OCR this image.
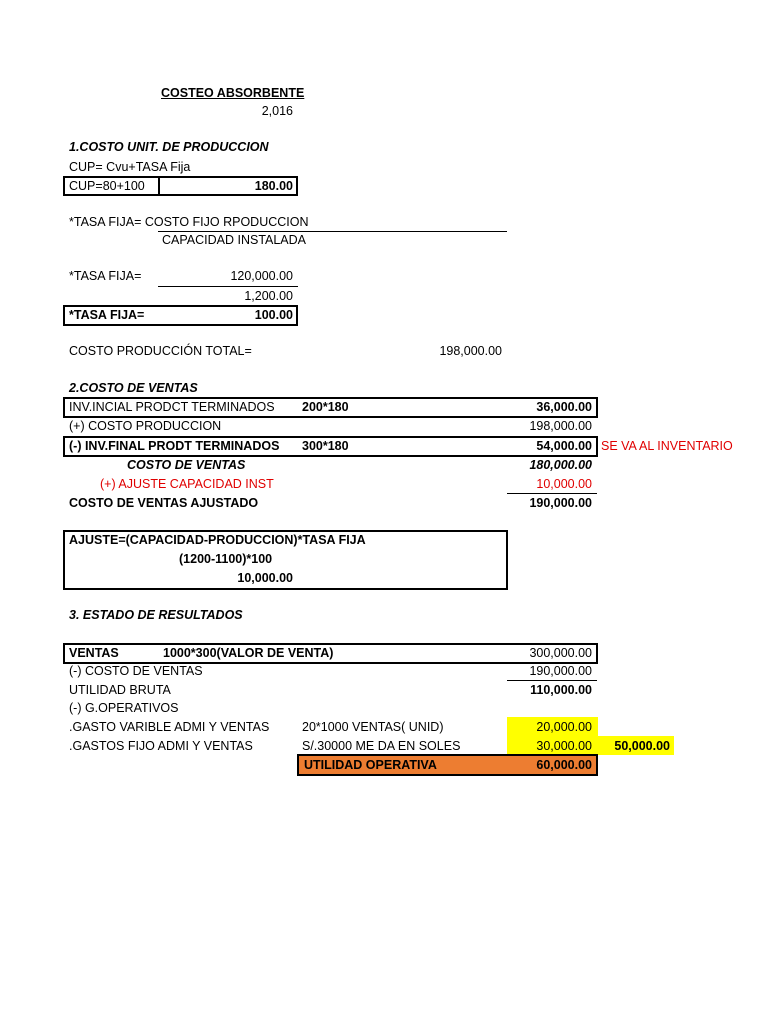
COSTEO ABSORBENTE
2,016
1.COSTO UNIT. DE PRODUCCION
CUP= Cvu+TASA Fija
CUP=80+100	180.00
*TASA FIJA= COSTO FIJO RPODUCCION
CAPACIDAD INSTALADA
*TASA FIJA=	120,000.00
1,200.00
*TASA FIJA=	100.00
COSTO PRODUCCIÓN TOTAL=	198,000.00
2.COSTO DE VENTAS
INV.INCIAL PRODCT TERMINADOS 200*180	36,000.00
(+) COSTO PRODUCCION	198,000.00
(-) INV.FINAL PRODT TERMINADOS 300*180	54,000.00 SE VA AL INVENTARIO
COSTO DE VENTAS	180,000.00
(+) AJUSTE CAPACIDAD INST	10,000.00
COSTO DE VENTAS AJUSTADO	190,000.00
AJUSTE=(CAPACIDAD-PRODUCCION)*TASA FIJA
(1200-1100)*100
10,000.00
3. ESTADO DE RESULTADOS
VENTAS	1000*300(VALOR DE VENTA)	300,000.00
(-) COSTO DE VENTAS	190,000.00
UTILIDAD BRUTA	110,000.00
(-) G.OPERATIVOS
.GASTO VARIBLE ADMI Y VENTAS	20*1000 VENTAS( UNID)	20,000.00
.GASTOS FIJO ADMI Y VENTAS	S/.30000 ME DA EN SOLES	30,000.00	50,000.00
UTILIDAD OPERATIVA	60,000.00
